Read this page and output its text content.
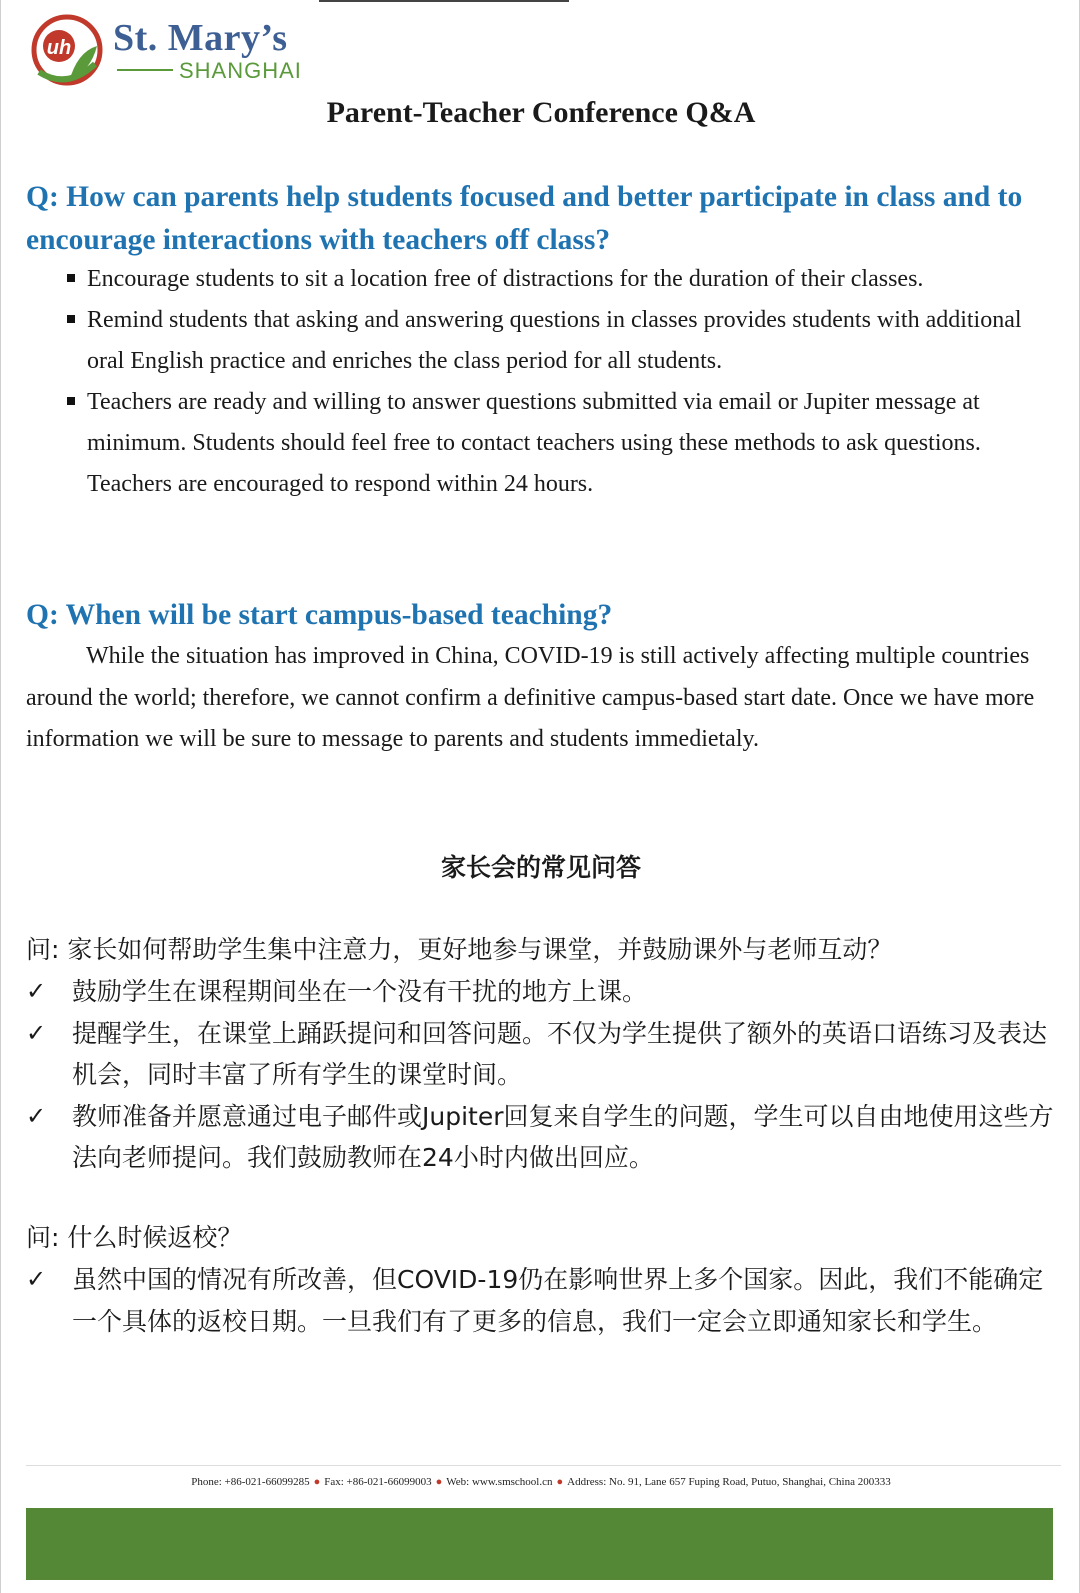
uh St. Mary’s
SHANGHAI
Parent-Teacher Conference Q&A
Q: How can parents help students focused and better participate in class and to encourage interactions with teachers off class?
Encourage students to sit a location free of distractions for the duration of their classes.
Remind students that asking and answering questions in classes provides students with additional oral English practice and enriches the class period for all students.
Teachers are ready and willing to answer questions submitted via email or Jupiter message at minimum. Students should feel free to contact teachers using these methods to ask questions. Teachers are encouraged to respond within 24 hours.
Q: When will be start campus-based teaching?
While the situation has improved in China, COVID-19 is still actively affecting multiple countries around the world; therefore, we cannot confirm a definitive campus-based start date. Once we have more information we will be sure to message to parents and students immedietaly.
家长会的常见问答
问: 家长如何帮助学生集中注意力，更好地参与课堂，并鼓励课外与老师互动？
✓ 鼓励学生在课程期间坐在一个没有干扰的地方上课。
✓ 提醒学生，在课堂上踊跃提问和回答问题。不仅为学生提供了额外的英语口语练习及表达机会，同时丰富了所有学生的课堂时间。
✓ 教师准备并愿意通过电子邮件或Jupiter回复来自学生的问题，学生可以自由地使用这些方法向老师提问。我们鼓励教师在24小时内做出回应。
问: 什么时候返校？
✓ 虽然中国的情况有所改善，但COVID-19仍在影响世界上多个国家。因此，我们不能确定一个具体的返校日期。一旦我们有了更多的信息，我们一定会立即通知家长和学生。
Phone: +86-021-66099285 ● Fax: +86-021-66099003 ● Web: www.smschool.cn ● Address: No. 91, Lane 657 Fuping Road, Putuo, Shanghai, China 200333
